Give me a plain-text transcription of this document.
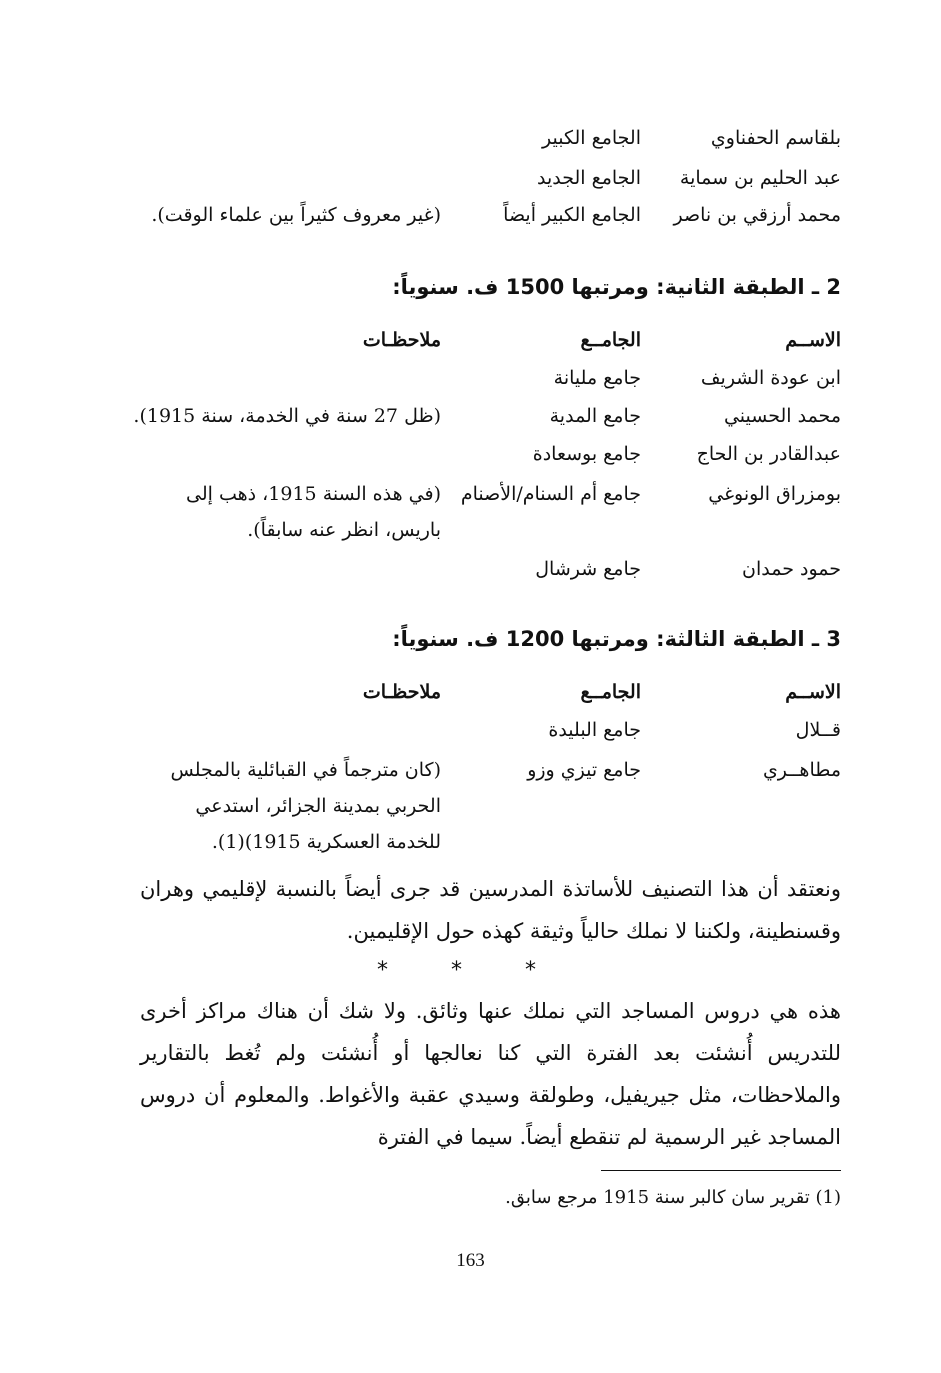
بلقاسم الحفناوي
الجامع الكبير
عبد الحليم بن سماية
الجامع الجديد
محمد أرزقي بن ناصر
الجامع الكبير أيضاً
(غير معروف كثيراً بين علماء الوقت).
2 ـ الطبقة الثانية: ومرتبها 1500 ف. سنوياً:
الاســم
الجامــع
ملاحظـات
ابن عودة الشريف
جامع مليانة
محمد الحسيني
جامع المدية
(ظل 27 سنة في الخدمة، سنة 1915).
عبدالقادر بن الحاج
جامع بوسعادة
بومزراق الونوغي
جامع أم السنام/الأصنام
(في هذه السنة 1915، ذهب إلى
باريس، انظر عنه سابقاً).
حمود حمدان
جامع شرشال
3 ـ الطبقة الثالثة: ومرتبها 1200 ف. سنوياً:
الاســم
الجامــع
ملاحظـات
قــلال
جامع البليدة
مطاهــري
جامع تيزي وزو
(كان مترجماً في القبائلية بالمجلس
الحربي بمدينة الجزائر، استدعي
للخدمة العسكرية 1915)(1).
ونعتقد أن هذا التصنيف للأساتذة المدرسين قد جرى أيضاً بالنسبة لإقليمي وهران وقسنطينة، ولكننا لا نملك حالياً وثيقة كهذه حول الإقليمين.
* * *
هذه هي دروس المساجد التي نملك عنها وثائق. ولا شك أن هناك مراكز أخرى للتدريس أُنشئت بعد الفترة التي كنا نعالجها أو أُنشئت ولم تُغط بالتقارير والملاحظات، مثل جيريفيل، وطولقة وسيدي عقبة والأغواط. والمعلوم أن دروس المساجد غير الرسمية لم تنقطع أيضاً. سيما في الفترة
(1) تقرير سان كالبر سنة 1915 مرجع سابق.
163
